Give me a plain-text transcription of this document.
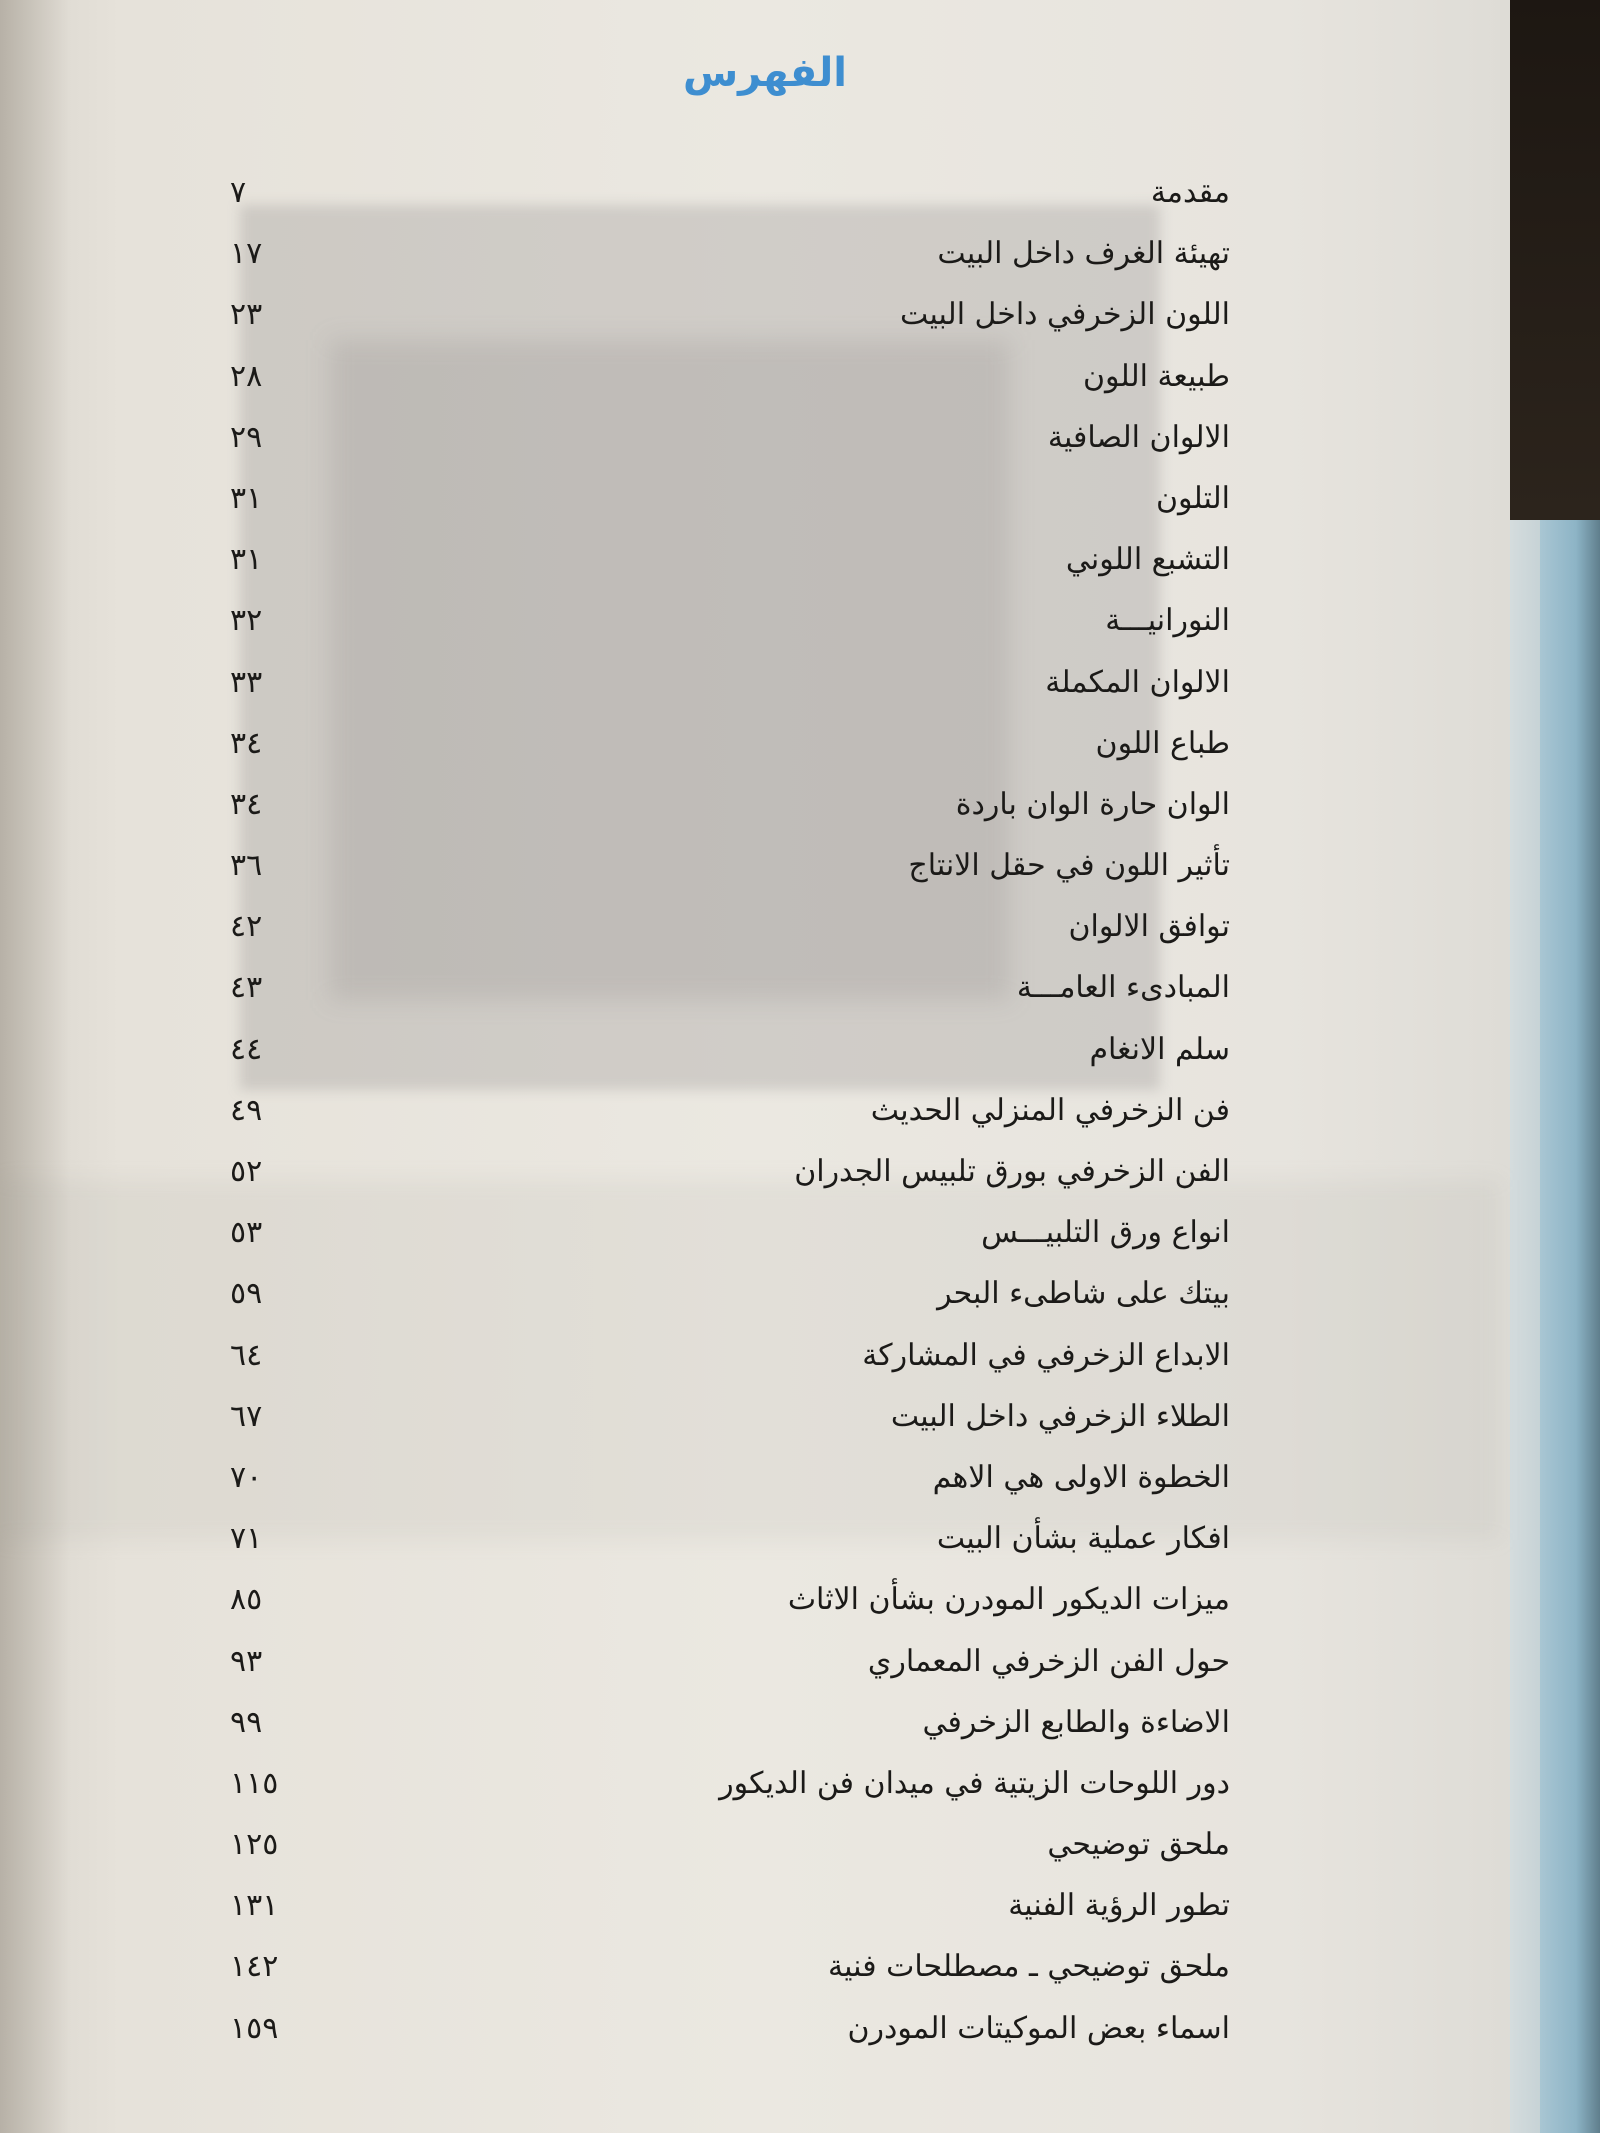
الفهرس
مقدمة
٧
تهيئة الغرف داخل البيت
١٧
اللون الزخرفي داخل البيت
٢٣
طبيعة اللون
٢٨
الالوان الصافية
٢٩
التلون
٣١
التشبع اللوني
٣١
النورانيـــة
٣٢
الالوان المكملة
٣٣
طباع اللون
٣٤
الوان حارة الوان باردة
٣٤
تأثير اللون في حقل الانتاج
٣٦
توافق الالوان
٤٢
المبادىء العامـــة
٤٣
سلم الانغام
٤٤
فن الزخرفي المنزلي الحديث
٤٩
الفن الزخرفي بورق تلبيس الجدران
٥٢
انواع ورق التلبيـــس
٥٣
بيتك على شاطىء البحر
٥٩
الابداع الزخرفي في المشاركة
٦٤
الطلاء الزخرفي داخل البيت
٦٧
الخطوة الاولى هي الاهم
٧٠
افكار عملية بشأن البيت
٧١
ميزات الديكور المودرن بشأن الاثاث
٨٥
حول الفن الزخرفي المعماري
٩٣
الاضاءة والطابع الزخرفي
٩٩
دور اللوحات الزيتية في ميدان فن الديكور
١١٥
ملحق توضيحي
١٢٥
تطور الرؤية الفنية
١٣١
ملحق توضيحي ـ مصطلحات فنية
١٤٢
اسماء بعض الموكيتات المودرن
١٥٩
